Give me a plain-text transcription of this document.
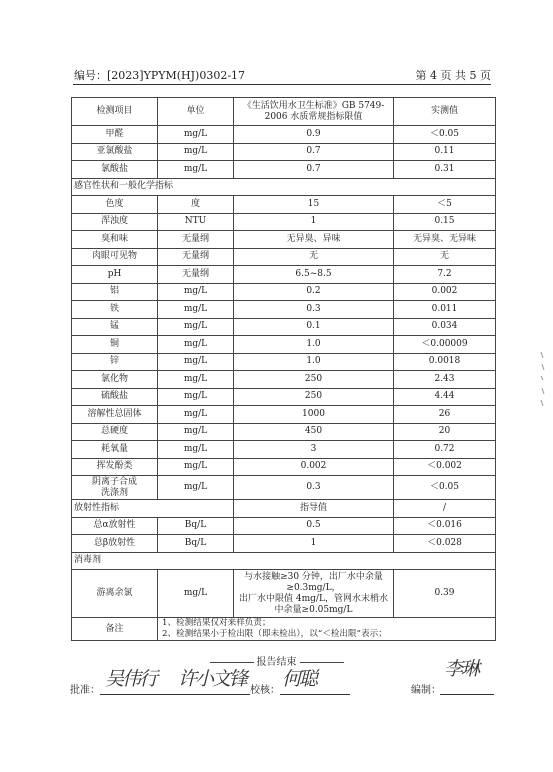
编号：[2023]YPYM(HJ)0302-17	第 4 页 共 5 页
检测项目	单位	《生活饮用水卫生标准》GB 5749-2006 水质常规指标限值	实测值
甲醛	mg/L	0.9	＜0.05
亚氯酸盐	mg/L	0.7	0.11
氯酸盐	mg/L	0.7	0.31
感官性状和一般化学指标			
色度	度	15	＜5
浑浊度	NTU	1	0.15
臭和味	无量纲	无异臭、异味	无异臭、无异味
肉眼可见物	无量纲	无	无
pH	无量纲	6.5~8.5	7.2
铝	mg/L	0.2	0.002
铁	mg/L	0.3	0.011
锰	mg/L	0.1	0.034
铜	mg/L	1.0	＜0.00009
锌	mg/L	1.0	0.0018
氯化物	mg/L	250	2.43
硫酸盐	mg/L	250	4.44
溶解性总固体	mg/L	1000	26
总硬度	mg/L	450	20
耗氧量	mg/L	3	0.72
挥发酚类	mg/L	0.002	＜0.002

阴离子合成
洗涤剂	mg/L	0.3	＜0.05
放射性指标		指导值	/
总α放射性	Bq/L	0.5	＜0.016
总β放射性	Bq/L	1	＜0.028
消毒剂			
游离余氯	mg/L	与水接触≥30 分钟，出厂水中余量
≥0.3mg/L，
出厂水中限值 4mg/L，管网水末梢水
中余量≥0.05mg/L	0.39
备注	1、检测结果仅对来样负责；
2、检测结果小于检出限（即未检出），以“＜检出限”表示；		
报告结束
批准：
吴伟行 许小文锋
校核：
何聪
编制：
李琳
